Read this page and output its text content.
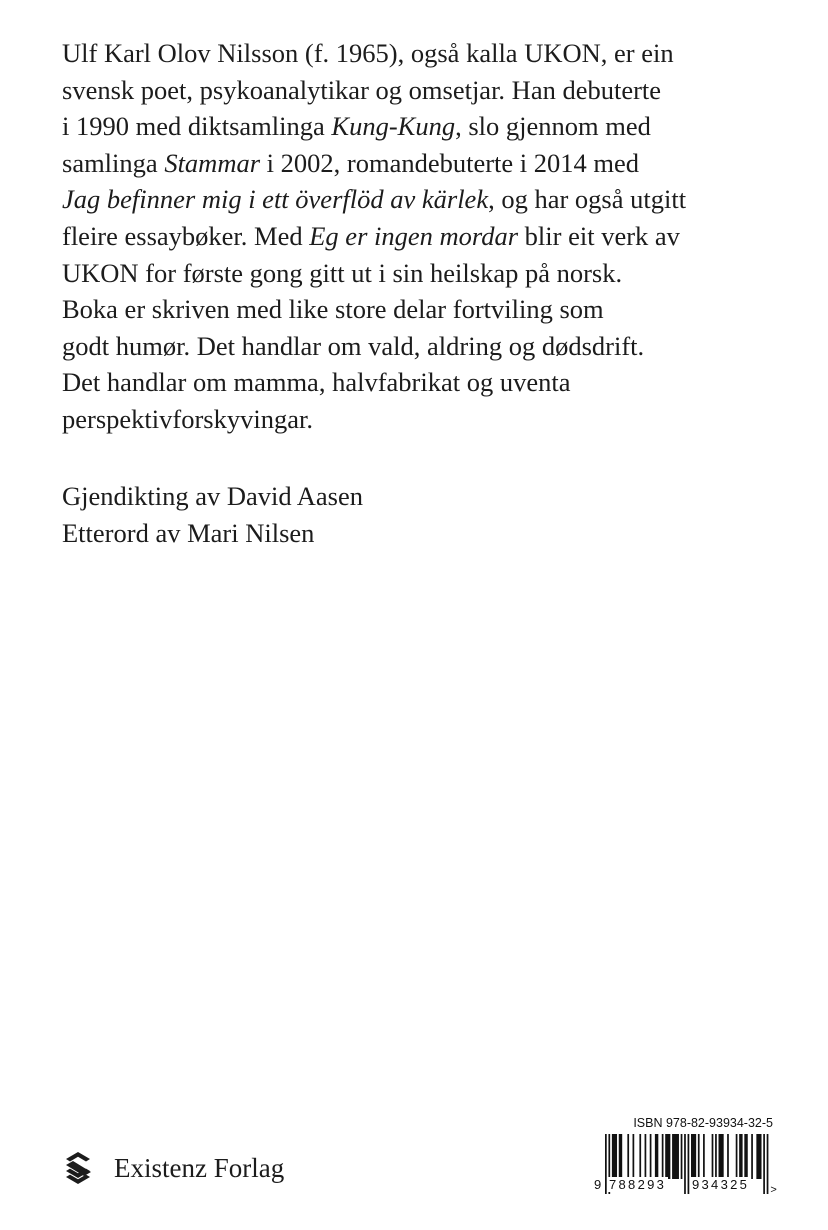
Ulf Karl Olov Nilsson (f. 1965), også kalla UKON, er ein
svensk poet, psykoanalytikar og omsetjar. Han debuterte
i 1990 med diktsamlinga Kung-Kung, slo gjennom med
samlinga Stammar i 2002, romandebuterte i 2014 med
Jag befinner mig i ett överflöd av kärlek, og har også utgitt
fleire essaybøker. Med Eg er ingen mordar blir eit verk av
UKON for første gong gitt ut i sin heilskap på norsk.
Boka er skriven med like store delar fortviling som
godt humør. Det handlar om vald, aldring og dødsdrift.
Det handlar om mamma, halvfabrikat og uventa
perspektivforskyvingar.
Gjendikting av David Aasen
Etterord av Mari Nilsen
Existenz Forlag
ISBN 978-82-93934-32-5
>
9 788293 934325
